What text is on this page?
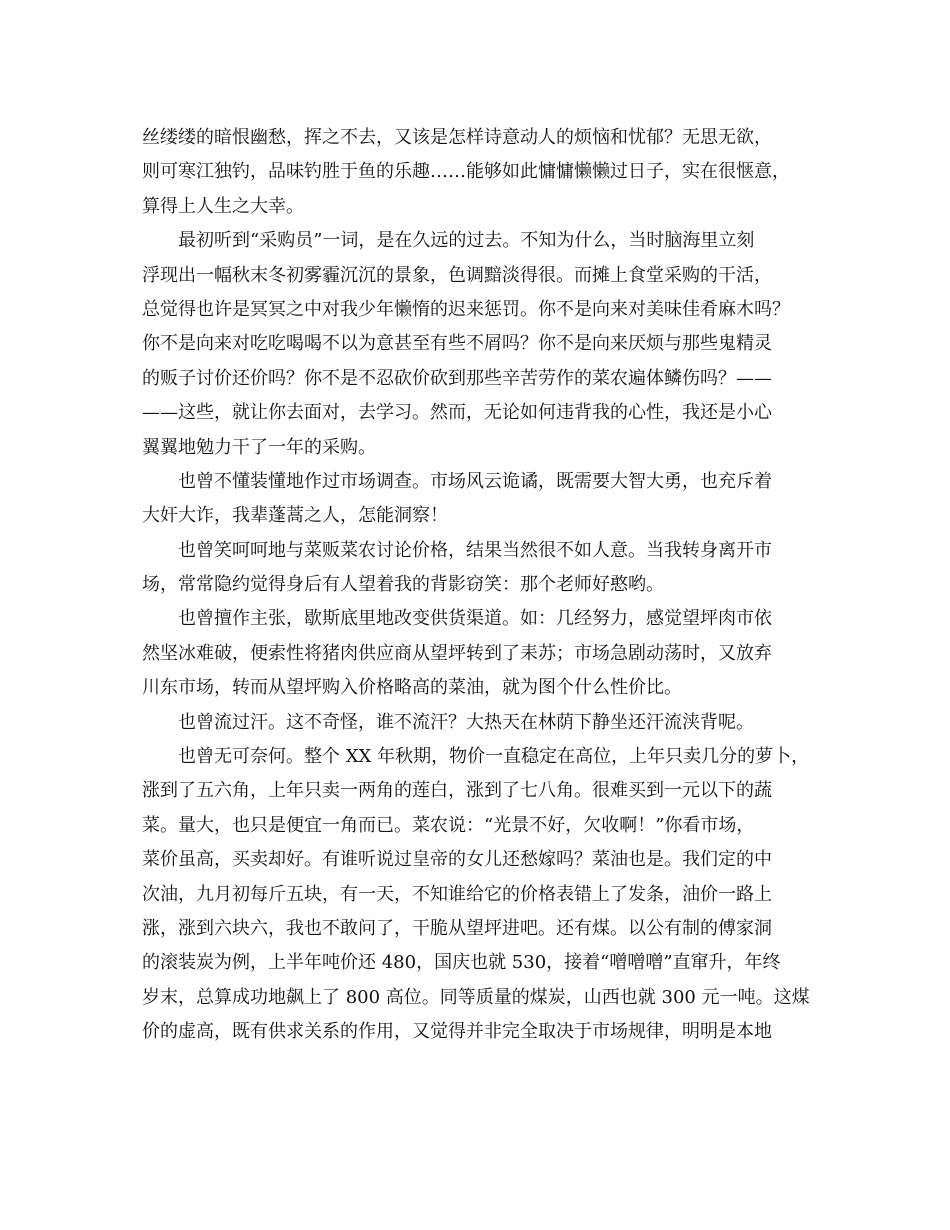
丝缕缕的暗恨幽愁，挥之不去，又该是怎样诗意动人的烦恼和忧郁？无思无欲，
则可寒江独钓，品味钓胜于鱼的乐趣……能够如此慵慵懒懒过日子，实在很惬意，
算得上人生之大幸。
最初听到“采购员”一词，是在久远的过去。不知为什么，当时脑海里立刻
浮现出一幅秋末冬初雾霾沉沉的景象，色调黯淡得很。而摊上食堂采购的干活，
总觉得也许是冥冥之中对我少年懒惰的迟来惩罚。你不是向来对美味佳肴麻木吗？
你不是向来对吃吃喝喝不以为意甚至有些不屑吗？你不是向来厌烦与那些鬼精灵
的贩子讨价还价吗？你不是不忍砍价砍到那些辛苦劳作的菜农遍体鳞伤吗？——
——这些，就让你去面对，去学习。然而，无论如何违背我的心性，我还是小心
翼翼地勉力干了一年的采购。
也曾不懂装懂地作过市场调查。市场风云诡谲，既需要大智大勇，也充斥着
大奸大诈，我辈蓬蒿之人，怎能洞察！
也曾笑呵呵地与菜贩菜农讨论价格，结果当然很不如人意。当我转身离开市
场，常常隐约觉得身后有人望着我的背影窃笑：那个老师好憨哟。
也曾擅作主张，歇斯底里地改变供货渠道。如：几经努力，感觉望坪肉市依
然坚冰难破，便索性将猪肉供应商从望坪转到了耒苏；市场急剧动荡时，又放弃
川东市场，转而从望坪购入价格略高的菜油，就为图个什么性价比。
也曾流过汗。这不奇怪，谁不流汗？大热天在林荫下静坐还汗流浃背呢。
也曾无可奈何。整个 XX 年秋期，物价一直稳定在高位，上年只卖几分的萝卜，
涨到了五六角，上年只卖一两角的莲白，涨到了七八角。很难买到一元以下的蔬
菜。量大，也只是便宜一角而已。菜农说：“光景不好，欠收啊！”你看市场，
菜价虽高，买卖却好。有谁听说过皇帝的女儿还愁嫁吗？菜油也是。我们定的中
次油，九月初每斤五块，有一天，不知谁给它的价格表错上了发条，油价一路上
涨，涨到六块六，我也不敢问了，干脆从望坪进吧。还有煤。以公有制的傅家洞
的滚装炭为例，上半年吨价还 480，国庆也就 530，接着“噌噌噌”直窜升，年终
岁末，总算成功地飙上了 800 高位。同等质量的煤炭，山西也就 300 元一吨。这煤
价的虚高，既有供求关系的作用，又觉得并非完全取决于市场规律，明明是本地
